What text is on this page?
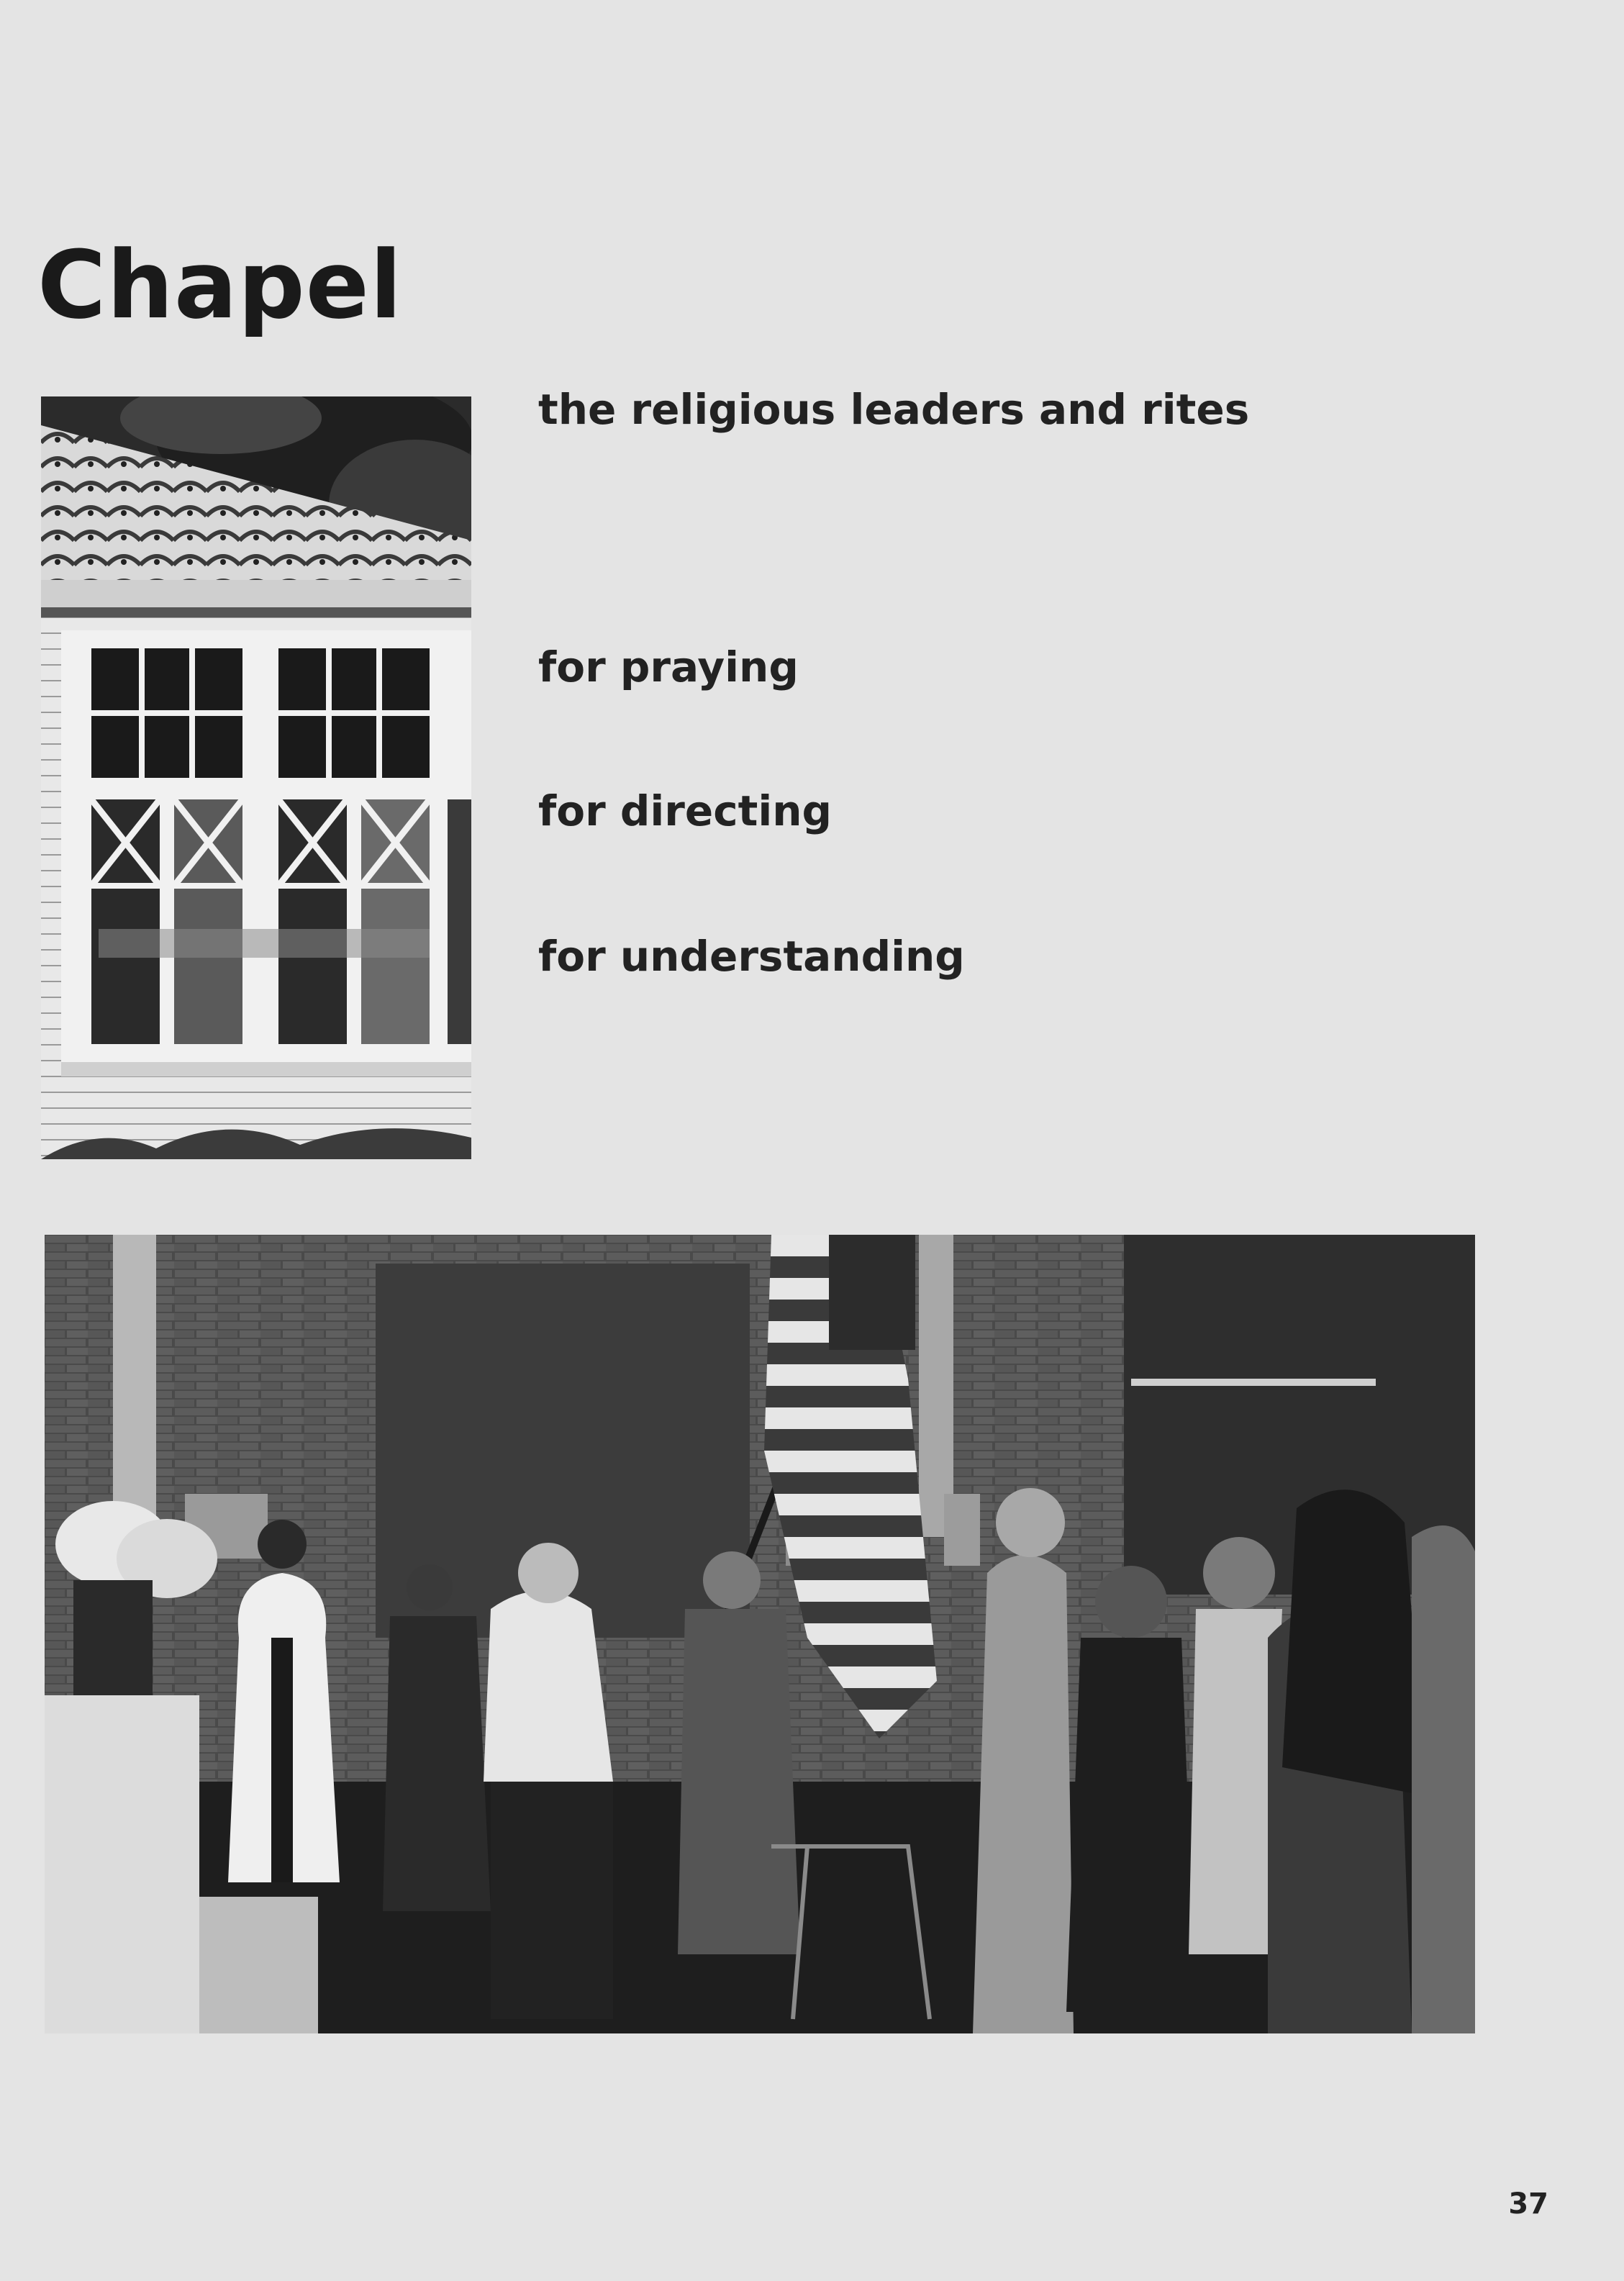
Chapel

the religious leaders and rites

for praying

for directing

for understanding

37
